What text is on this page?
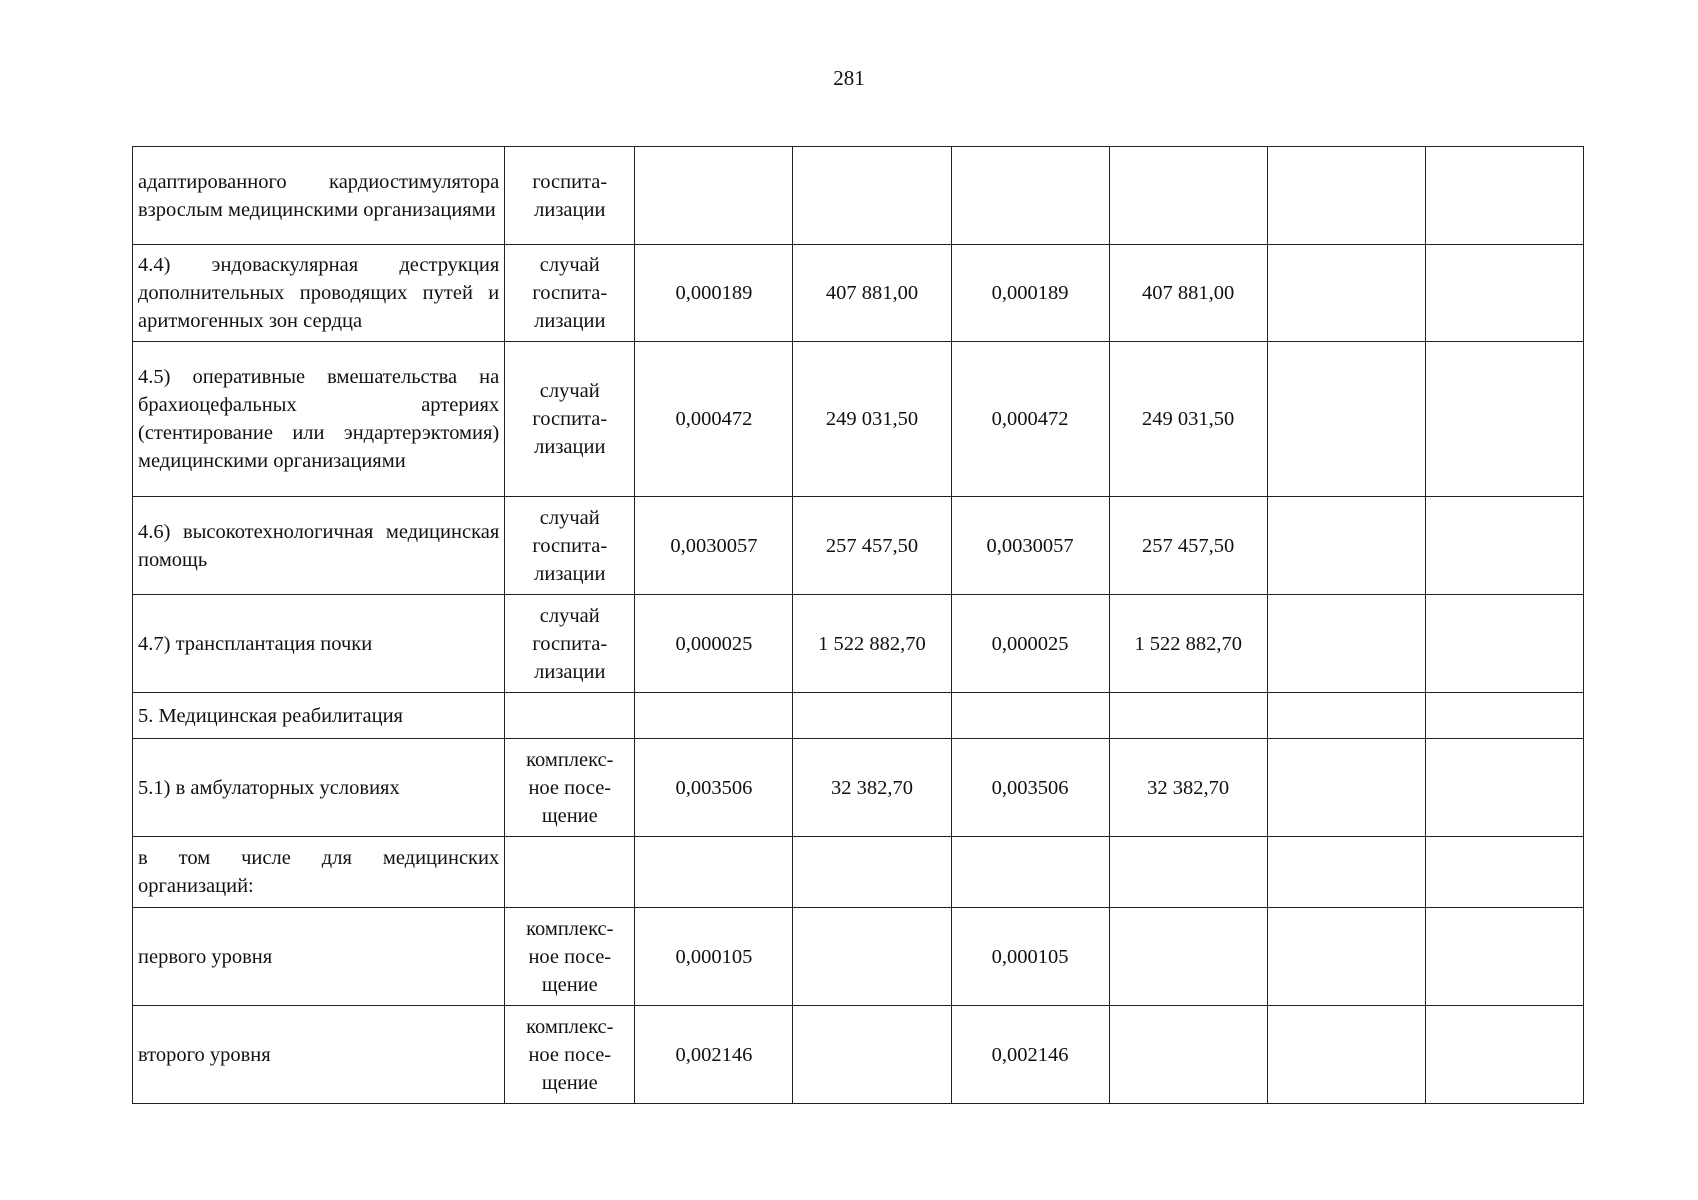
281
адаптированного кардиостимулятора взрослым медицинскими организациями	госпита-
лизации						
4.4) эндоваскулярная деструкция дополнительных проводящих путей и аритмогенных зон сердца	случай
госпита-
лизации	0,000189	407 881,00	0,000189	407 881,00		
4.5) оперативные вмешательства на брахиоцефальных артериях (стентирование или эндартерэктомия) медицинскими организациями	случай
госпита-
лизации	0,000472	249 031,50	0,000472	249 031,50		
4.6) высокотехнологичная медицинская помощь	случай
госпита-
лизации	0,0030057	257 457,50	0,0030057	257 457,50		
4.7) трансплантация почки	случай
госпита-
лизации	0,000025	1 522 882,70	0,000025	1 522 882,70		
5. Медицинская реабилитация							
5.1) в амбулаторных условиях	комплекс-
ное посе-
щение	0,003506	32 382,70	0,003506	32 382,70		
в том числе для медицинских организаций:							
первого уровня	комплекс-
ное посе-
щение	0,000105		0,000105			
второго уровня	комплекс-
ное посе-
щение	0,002146		0,002146			
